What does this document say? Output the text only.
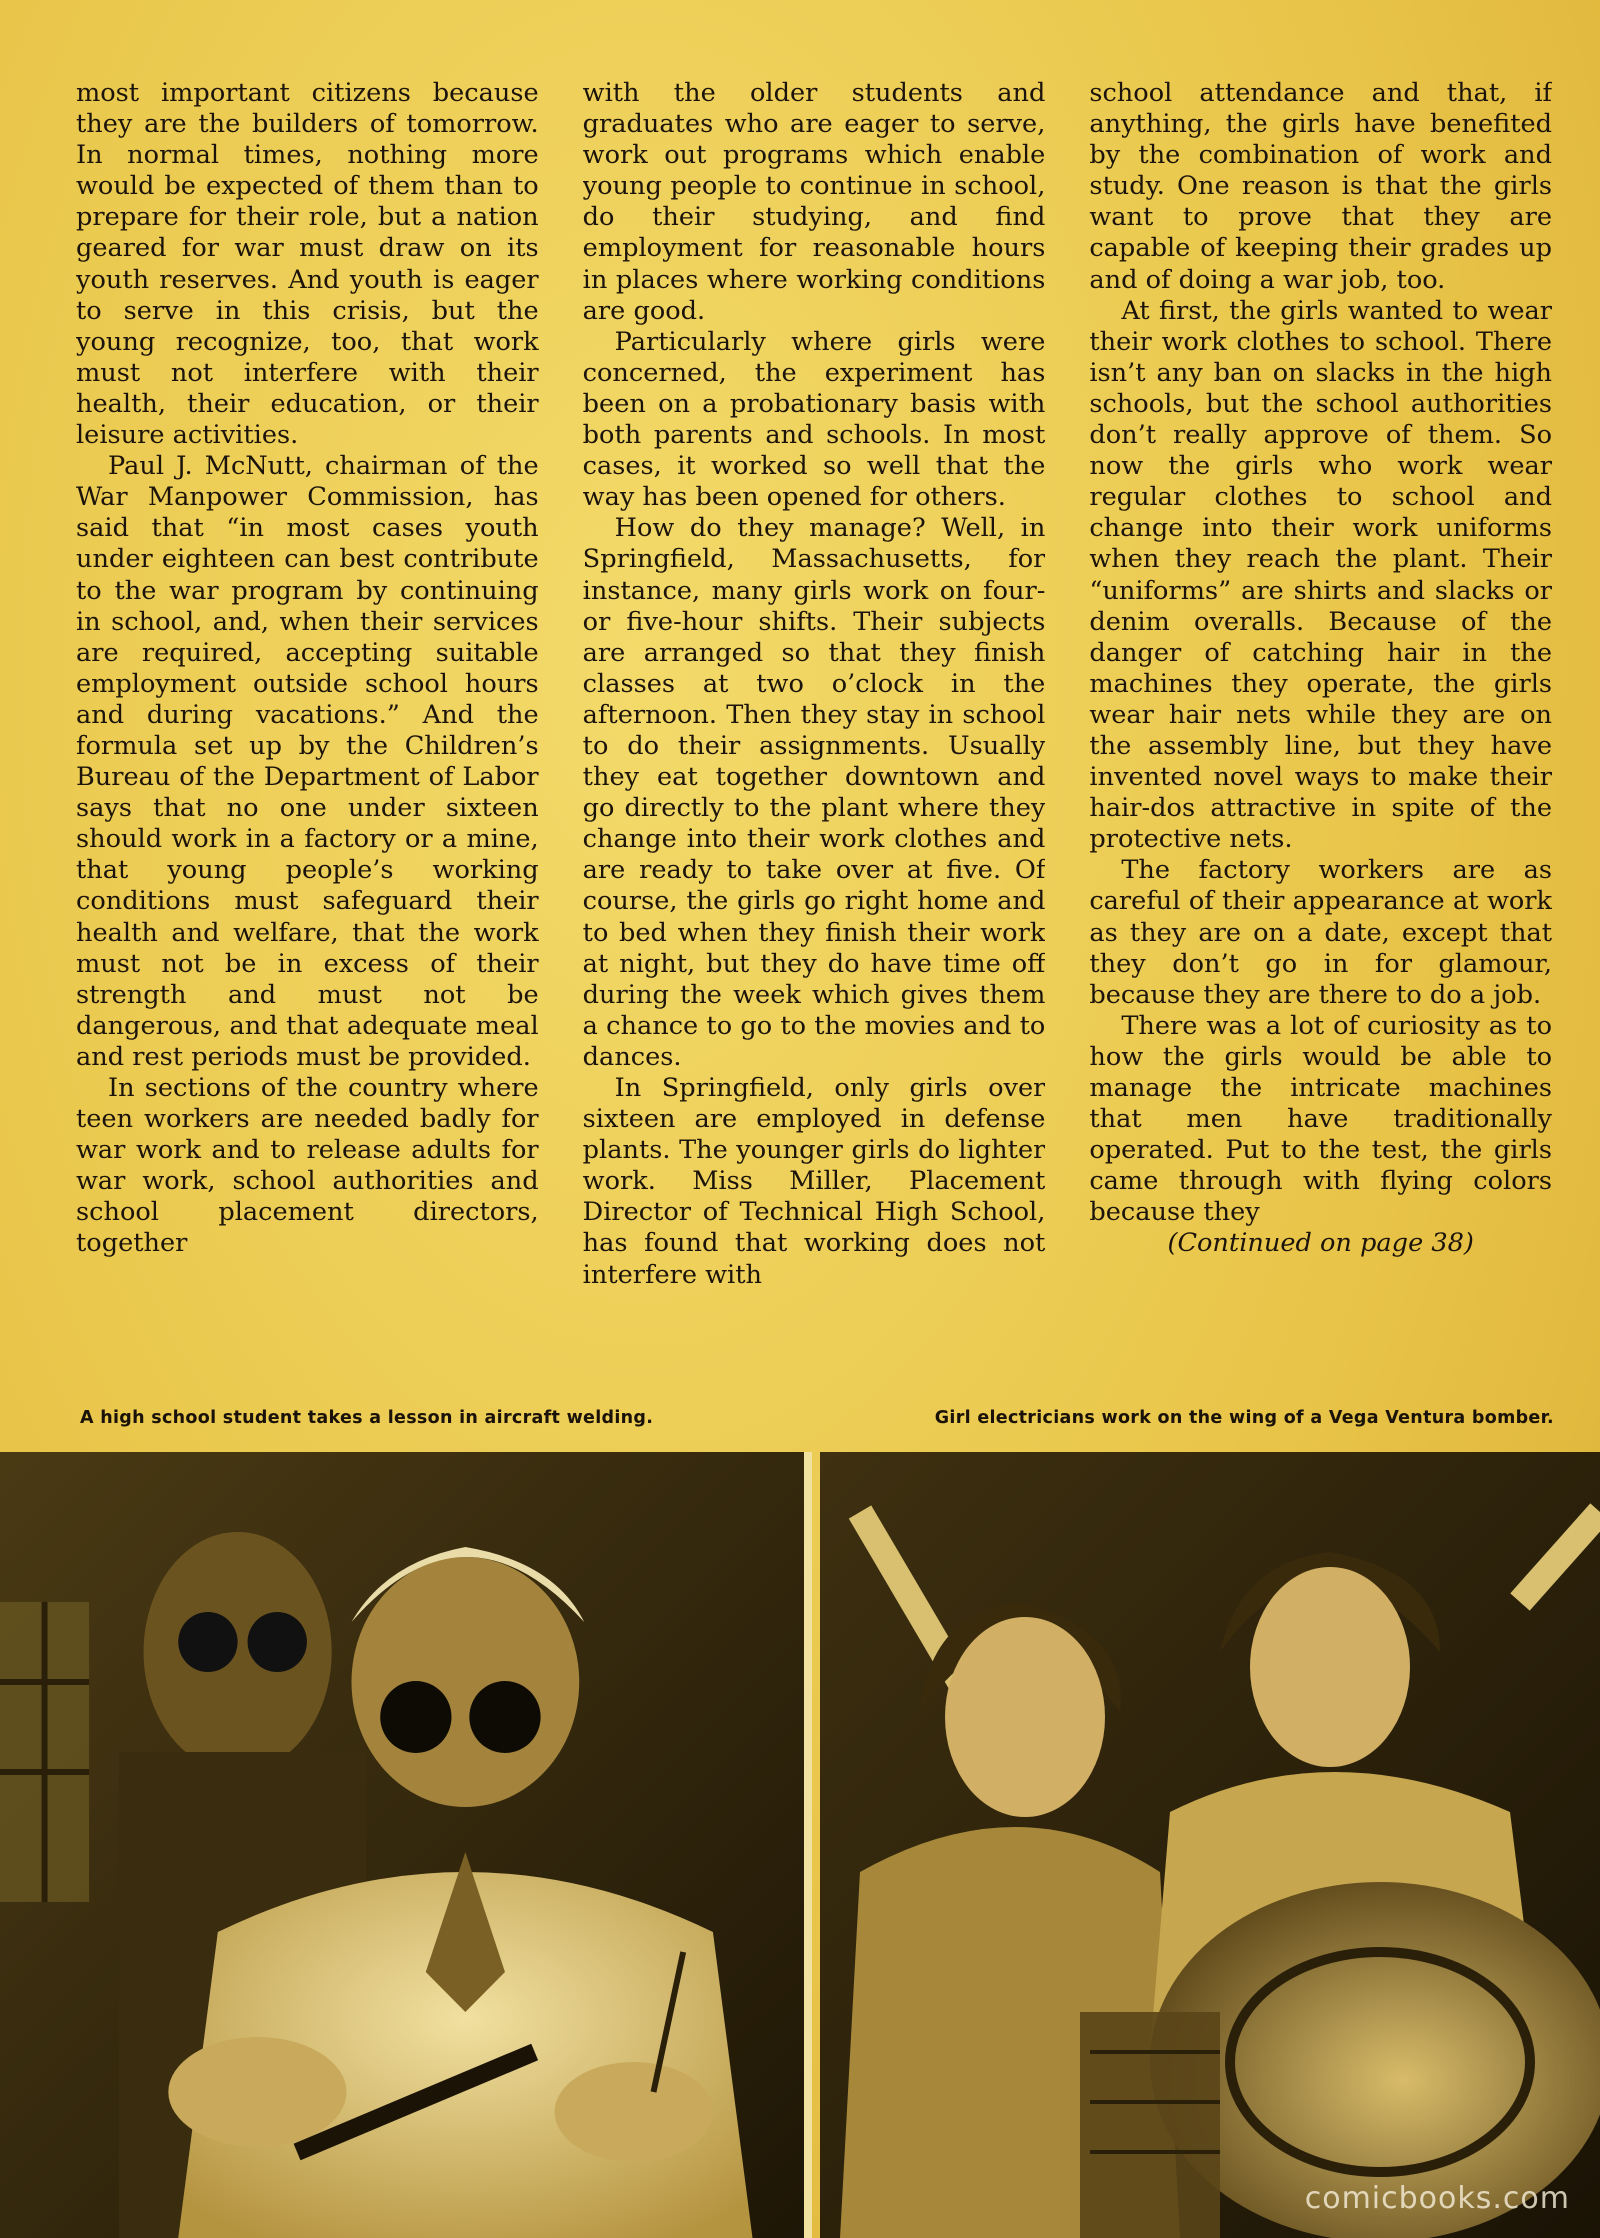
most important citizens because they are the builders of tomorrow. In normal times, nothing more would be expected of them than to prepare for their role, but a nation geared for war must draw on its youth reserves. And youth is eager to serve in this crisis, but the young recognize, too, that work must not interfere with their health, their education, or their leisure activities.

Paul J. McNutt, chairman of the War Manpower Commission, has said that “in most cases youth under eighteen can best contribute to the war program by continuing in school, and, when their services are required, accepting suitable employment outside school hours and during vacations.” And the formula set up by the Children’s Bureau of the Department of Labor says that no one under sixteen should work in a factory or a mine, that young people’s working conditions must safeguard their health and welfare, that the work must not be in excess of their strength and must not be dangerous, and that adequate meal and rest periods must be provided.

In sections of the country where teen workers are needed badly for war work and to release adults for war work, school authorities and school placement directors, together

with the older students and graduates who are eager to serve, work out programs which enable young people to continue in school, do their studying, and find employment for reasonable hours in places where working conditions are good.

Particularly where girls were concerned, the experiment has been on a probationary basis with both parents and schools. In most cases, it worked so well that the way has been opened for others.

How do they manage? Well, in Springfield, Massachusetts, for instance, many girls work on four- or five-hour shifts. Their subjects are arranged so that they finish classes at two o’clock in the afternoon. Then they stay in school to do their assignments. Usually they eat together downtown and go directly to the plant where they change into their work clothes and are ready to take over at five. Of course, the girls go right home and to bed when they finish their work at night, but they do have time off during the week which gives them a chance to go to the movies and to dances.

In Springfield, only girls over sixteen are employed in defense plants. The younger girls do lighter work. Miss Miller, Placement Director of Technical High School, has found that working does not interfere with

school attendance and that, if anything, the girls have benefited by the combination of work and study. One reason is that the girls want to prove that they are capable of keeping their grades up and of doing a war job, too.

At first, the girls wanted to wear their work clothes to school. There isn’t any ban on slacks in the high schools, but the school authorities don’t really approve of them. So now the girls who work wear regular clothes to school and change into their work uniforms when they reach the plant. Their “uniforms” are shirts and slacks or denim overalls. Because of the danger of catching hair in the machines they operate, the girls wear hair nets while they are on the assembly line, but they have invented novel ways to make their hair-dos attractive in spite of the protective nets.

The factory workers are as careful of their appearance at work as they are on a date, except that they don’t go in for glamour, because they are there to do a job.

There was a lot of curiosity as to how the girls would be able to manage the intricate machines that men have traditionally operated. Put to the test, the girls came through with flying colors because they

(Continued on page 38)

A high school student takes a lesson in aircraft welding.	Girl electricians work on the wing of a Vega Ventura bomber.
comicbooks.com
